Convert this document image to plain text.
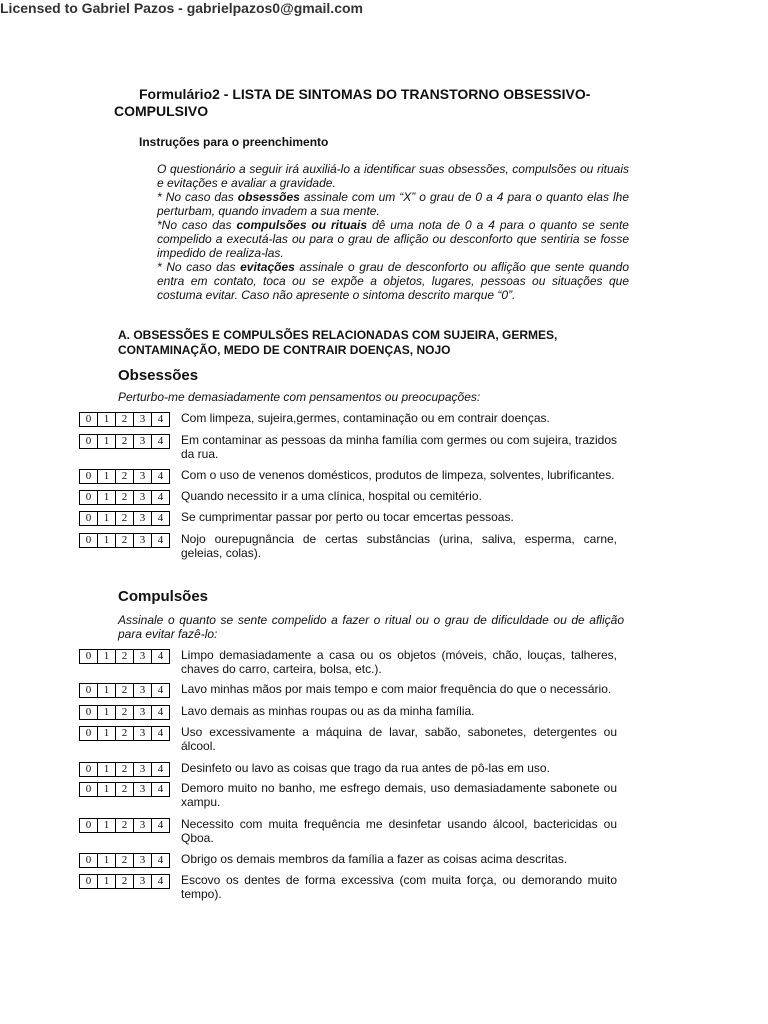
Licensed to Gabriel Pazos - gabrielpazos0@gmail.com
Formulário2 - LISTA DE SINTOMAS DO TRANSTORNO OBSESSIVO-
COMPULSIVO
Instruções para o preenchimento

O questionário a seguir irá auxiliá-lo a identificar suas obsessões, compulsões ou rituais e evitações e avaliar a gravidade.

* No caso das obsessões assinale com um “X” o grau de 0 a 4 para o quanto elas lhe perturbam, quando invadem a sua mente.

*No caso das compulsões ou rituais dê uma nota de 0 a 4 para o quanto se sente compelido a executá-las ou para o grau de aflição ou desconforto que sentiria se fosse impedido de realiza-las.

* No caso das evitações assinale o grau de desconforto ou aflição que sente quando entra em contato, toca ou se expõe a objetos, lugares, pessoas ou situações que costuma evitar. Caso não apresente o sintoma descrito marque “0”.

A. OBSESSÕES E COMPULSÕES RELACIONADAS COM SUJEIRA, GERMES,
CONTAMINAÇÃO, MEDO DE CONTRAIR DOENÇAS, NOJO
Obsessões
Perturbo-me demasiadamente com pensamentos ou preocupações:
0	1	2	3	4	Com limpeza, sujeira,germes, contaminação ou em contrair doenças.
0	1	2	3	4	Em contaminar as pessoas da minha família com germes ou com sujeira, trazidos da rua.
0	1	2	3	4	Com o uso de venenos domésticos, produtos de limpeza, solventes, lubrificantes.
0	1	2	3	4	Quando necessito ir a uma clínica, hospital ou cemitério.
0	1	2	3	4	Se cumprimentar passar por perto ou tocar emcertas pessoas.
0	1	2	3	4	Nojo ourepugnância de certas substâncias (urina, saliva, esperma, carne, geleias, colas).
Compulsões
Assinale o quanto se sente compelido a fazer o ritual ou o grau de dificuldade ou de aflição para evitar fazê-lo:
0	1	2	3	4	Limpo demasiadamente a casa ou os objetos (móveis, chão, louças, talheres, chaves do carro, carteira, bolsa, etc.).
0	1	2	3	4	Lavo minhas mãos por mais tempo e com maior frequência do que o necessário.
0	1	2	3	4	Lavo demais as minhas roupas ou as da minha família.
0	1	2	3	4	Uso excessivamente a máquina de lavar, sabão, sabonetes, detergentes ou álcool.
0	1	2	3	4	Desinfeto ou lavo as coisas que trago da rua antes de pô-las em uso.
0	1	2	3	4	Demoro muito no banho, me esfrego demais, uso demasiadamente sabonete ou xampu.
0	1	2	3	4	Necessito com muita frequência me desinfetar usando álcool, bactericidas ou Qboa.
0	1	2	3	4	Obrigo os demais membros da família a fazer as coisas acima descritas.
0	1	2	3	4	Escovo os dentes de forma excessiva (com muita força, ou demorando muito tempo).
